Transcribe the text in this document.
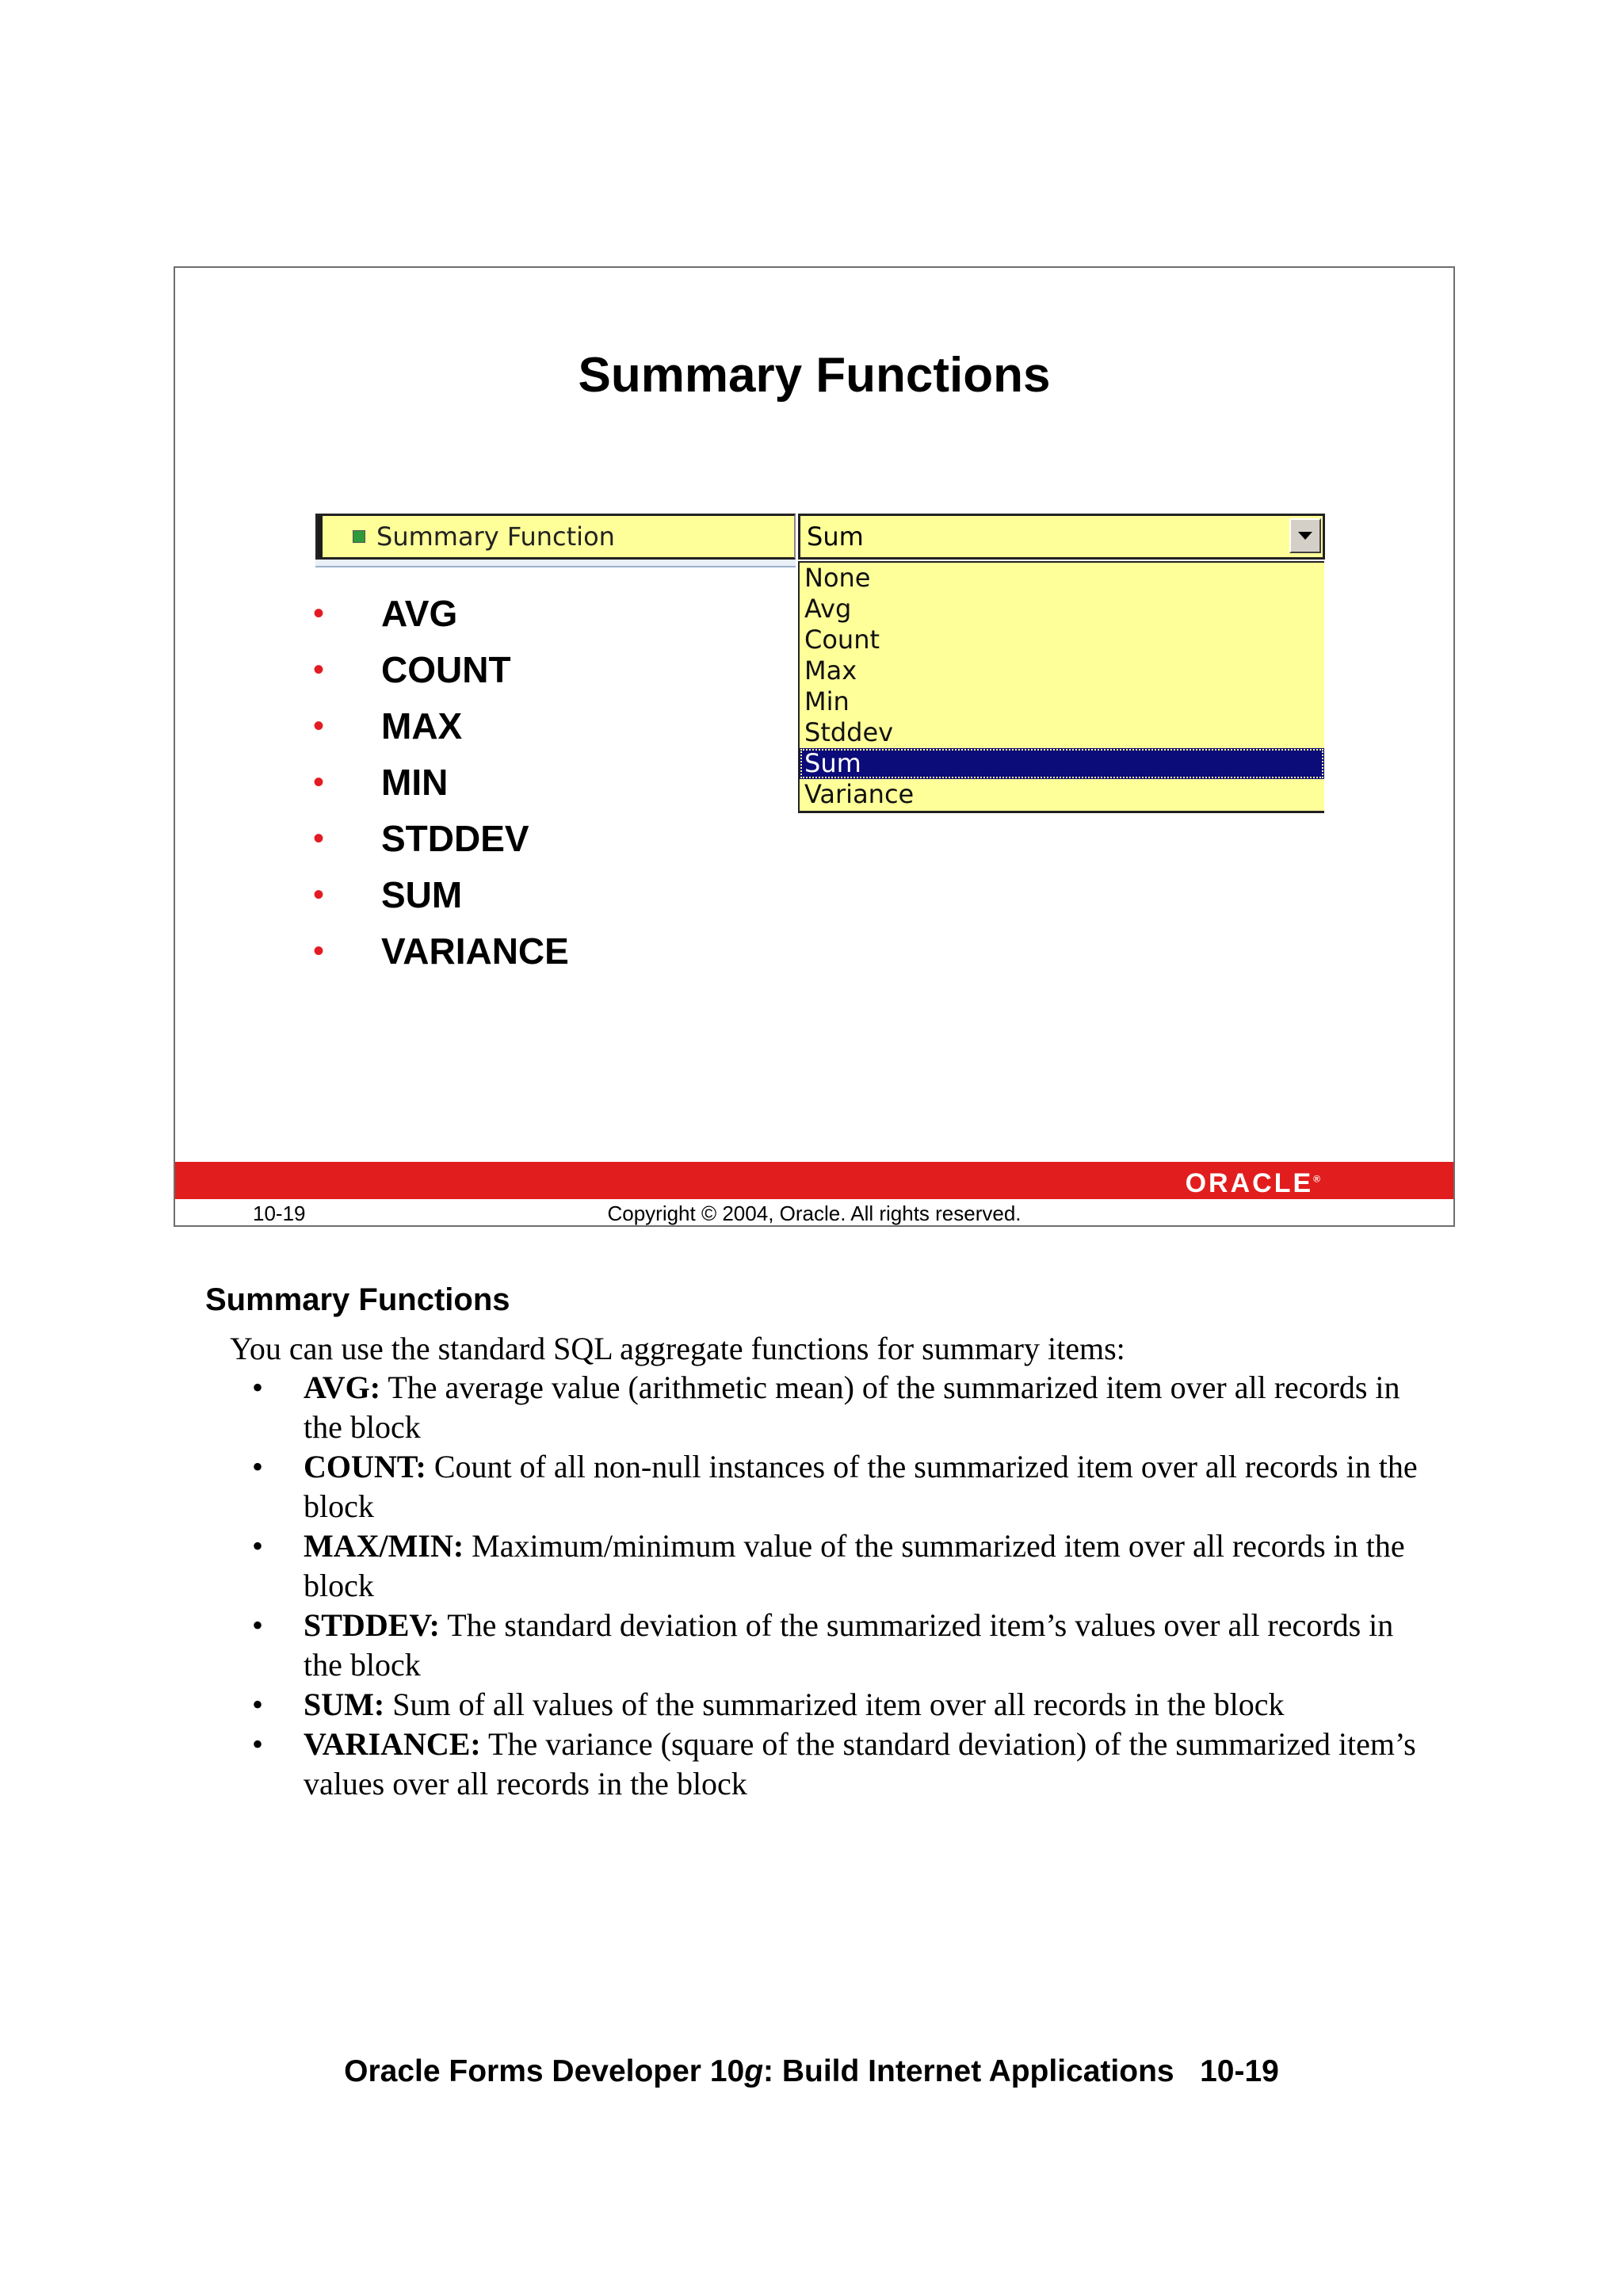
Summary Functions
Summary Function	Sum
None
Avg
Count
Max
Min
Stddev
Sum
Variance
•	AVG
•	COUNT
•	MAX
•	MIN
•	STDDEV
•	SUM
•	VARIANCE
ORACLE®
10-19	Copyright © 2004, Oracle. All rights reserved.
Summary Functions
You can use the standard SQL aggregate functions for summary items:
• AVG: The average value (arithmetic mean) of the summarized item over all records in the block
• COUNT: Count of all non-null instances of the summarized item over all records in the block
• MAX/MIN: Maximum/minimum value of the summarized item over all records in the block
• STDDEV: The standard deviation of the summarized item’s values over all records in the block
• SUM: Sum of all values of the summarized item over all records in the block
• VARIANCE: The variance (square of the standard deviation) of the summarized item’s values over all records in the block
Oracle Forms Developer 10g: Build Internet Applications 10-19
